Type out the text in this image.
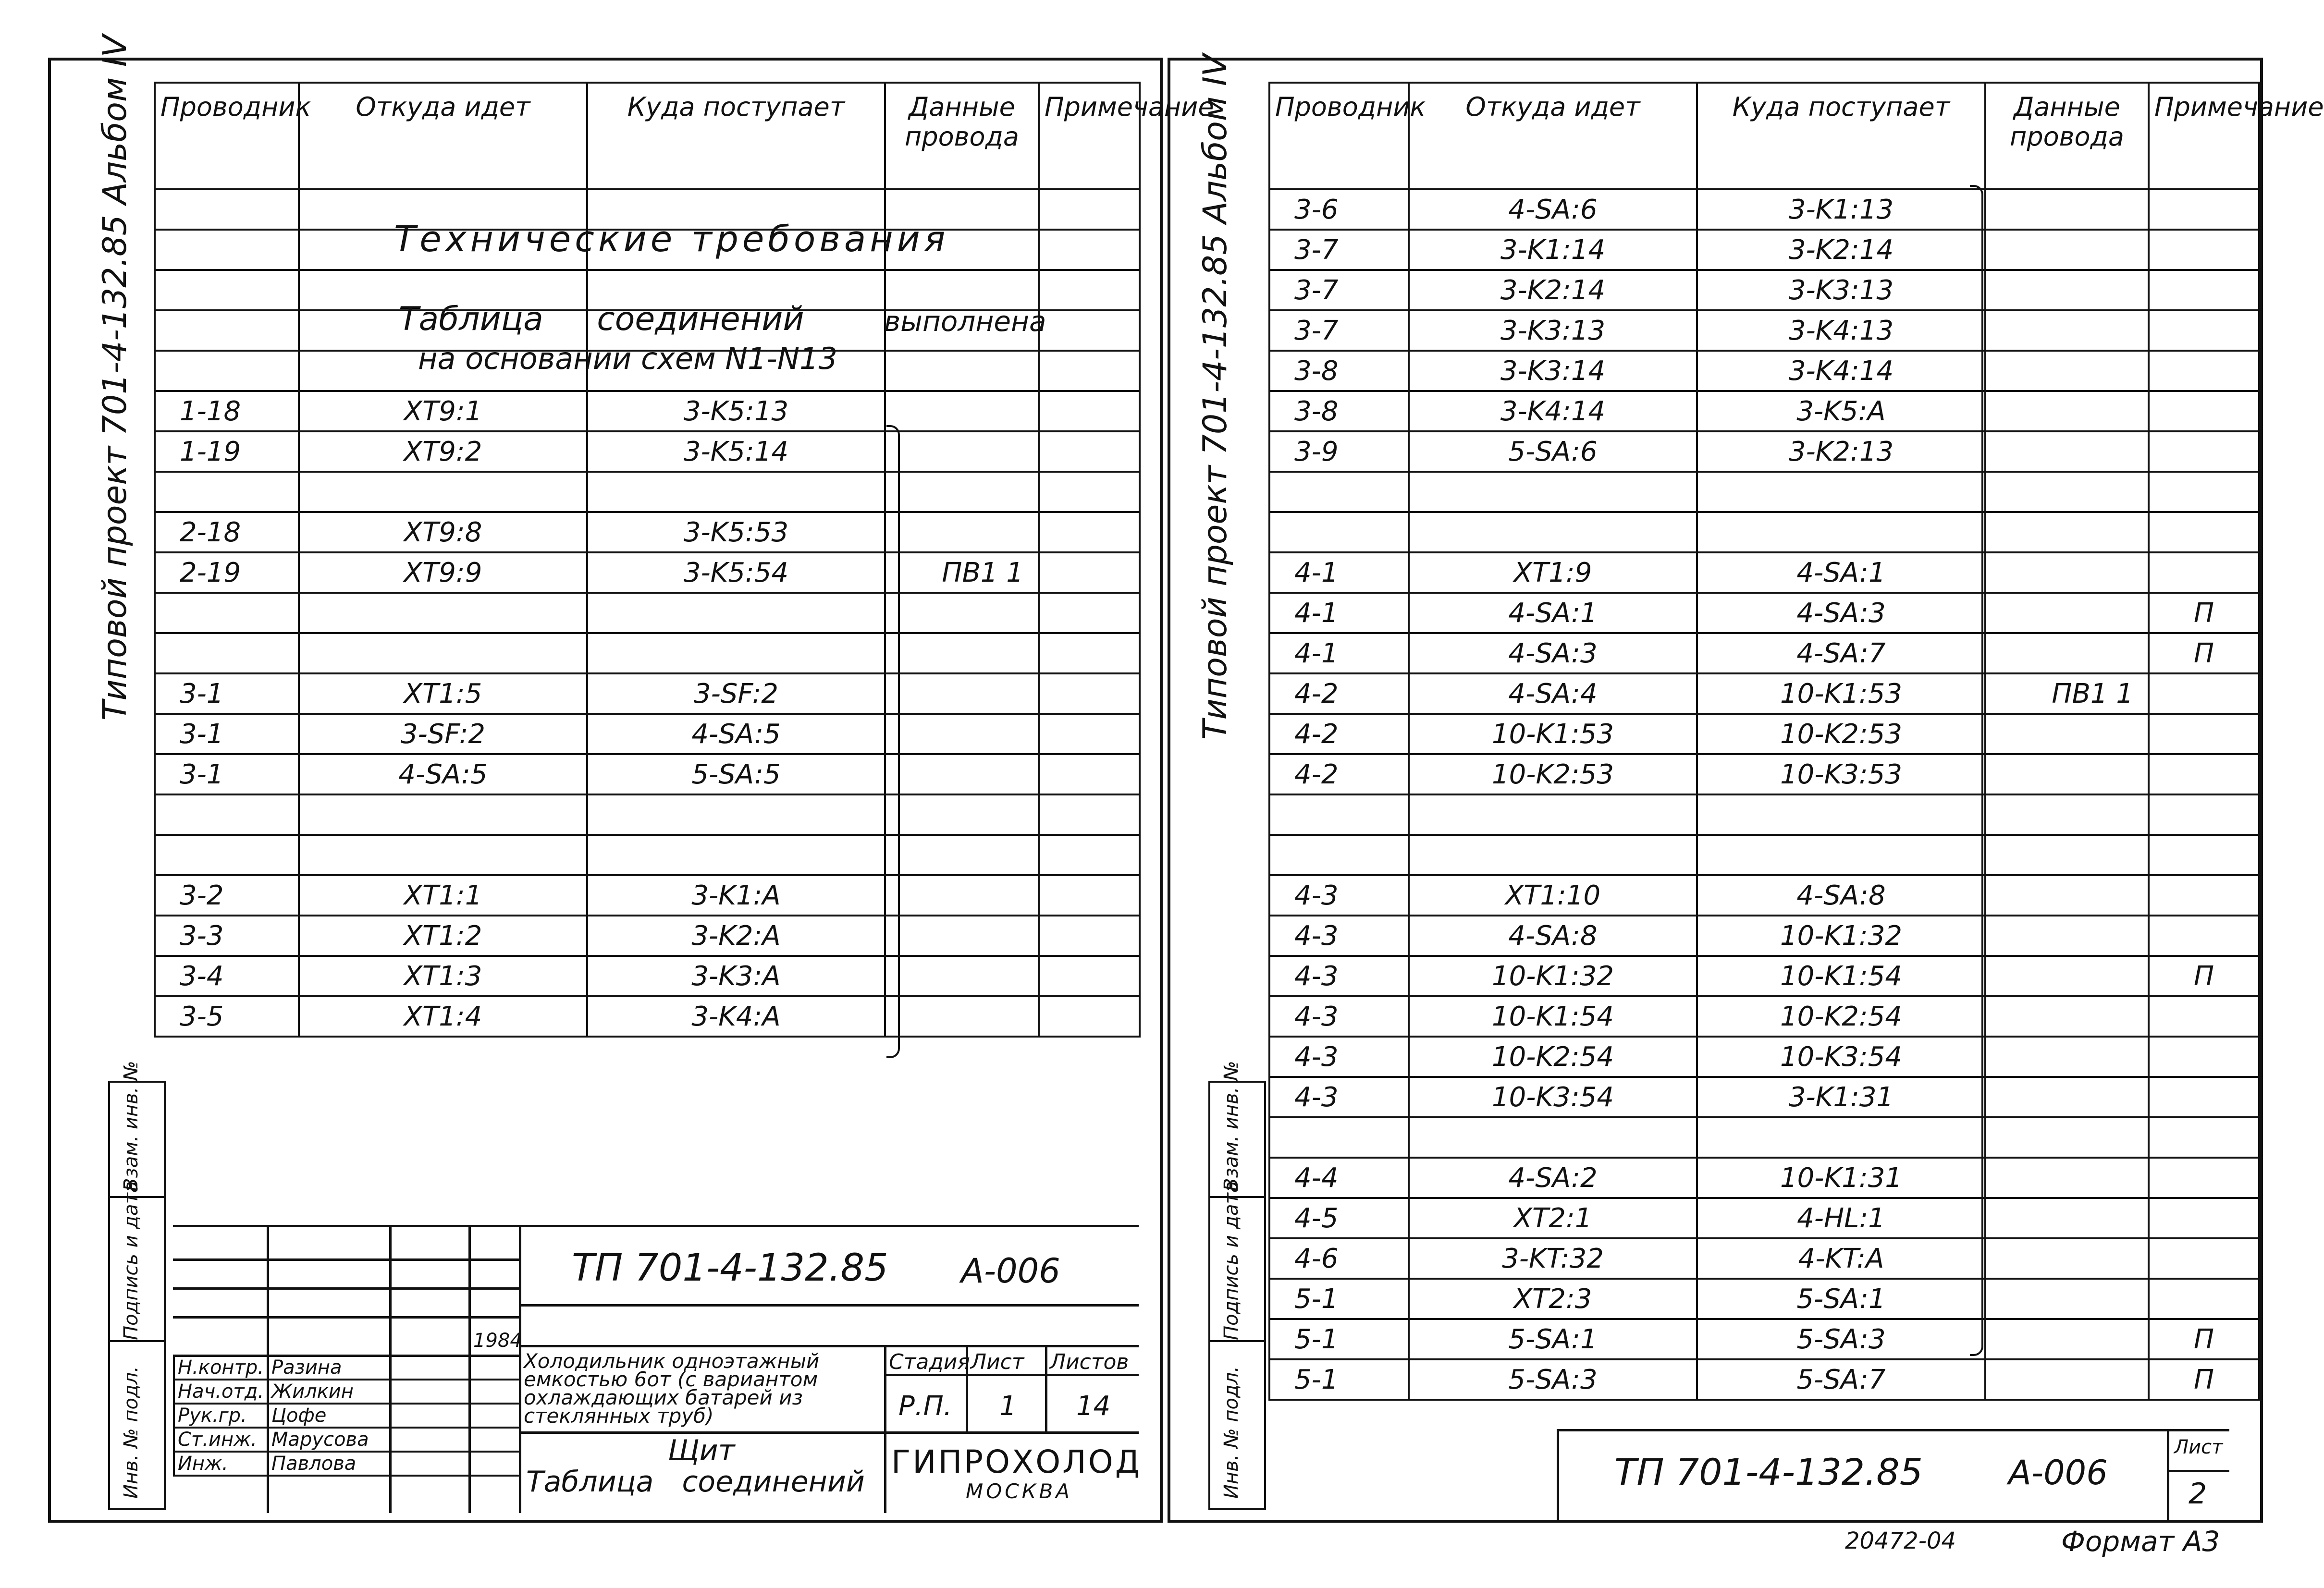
Типовой проект 701-4-132.85 Альбом IV Проводник	Откуда идет	Куда поступает	Данные провода	Примечание

1-18	XT9:1	3-K5:13		
1-19	XT9:2	3-K5:14		

2-18	XT9:8	3-K5:53		
2-19	XT9:9	3-K5:54	ПВ1 1	

3-1	XT1:5	3-SF:2		
3-1	3-SF:2	4-SA:5		
3-1	4-SA:5	5-SA:5		

3-2	XT1:1	3-K1:A		
3-3	XT1:2	3-K2:A		
3-4	XT1:3	3-K3:A		
3-5	XT1:4	3-K4:A		
Технические требования
Таблица соединений	выполнена
на основании схем N1-N13

Взам. инв. №
Подпись и дата
Инв. № подл. Н.контр.	Разина		
Нач.отд.	Жилкин		
Рук.гр.	Цофе		
Ст.инж.	Марусова		
Инж.	Павлова		
1984
ТП 701-4-132.85 А-006
Холодильник одноэтажный емкостью 6от (с вариантом охлаждающих батарей из стеклянных труб)
Стадия Лист Листов
Р.П. 1 14
Щит
Таблица соединений
ГИПРОХОЛОД
МОСКВА
Типовой проект 701-4-132.85 Альбом IV Проводник	Откуда идет	Куда поступает	Данные провода	Примечание
3-6	4-SA:6	3-K1:13		
3-7	3-K1:14	3-K2:14		
3-7	3-K2:14	3-K3:13		
3-7	3-K3:13	3-K4:13		
3-8	3-K3:14	3-K4:14		
3-8	3-K4:14	3-K5:A		
3-9	5-SA:6	3-K2:13		

4-1	XT1:9	4-SA:1		
4-1	4-SA:1	4-SA:3		П
4-1	4-SA:3	4-SA:7		П
4-2	4-SA:4	10-K1:53	ПВ1 1	
4-2	10-K1:53	10-K2:53		
4-2	10-K2:53	10-K3:53		

4-3	XT1:10	4-SA:8		
4-3	4-SA:8	10-K1:32		
4-3	10-K1:32	10-K1:54		П
4-3	10-K1:54	10-K2:54		
4-3	10-K2:54	10-K3:54		
4-3	10-K3:54	3-K1:31		

4-4	4-SA:2	10-K1:31		
4-5	XT2:1	4-HL:1		
4-6	3-KT:32	4-KT:A		
5-1	XT2:3	5-SA:1		
5-1	5-SA:1	5-SA:3		П
5-1	5-SA:3	5-SA:7		П

Взам. инв. №
Подпись и дата
Инв. № подл.	ТП 701-4-132.85	А-006
Лист
2
20472-04	Формат А3
